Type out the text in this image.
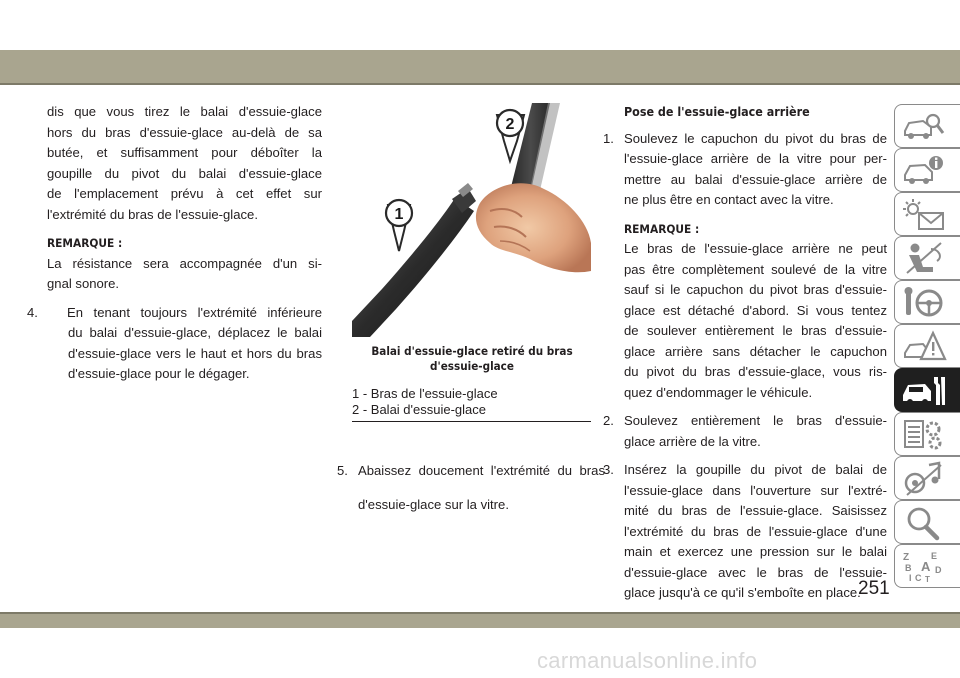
dis que vous tirez le balai d'essuie-glace

hors du bras d'essuie-glace au-delà de sa

butée, et suffisamment pour déboîter la

goupille du pivot du balai d'essuie-glace

de l'emplacement prévu à cet effet sur

l'extrémité du bras de l'essuie-glace.

REMARQUE :

La résistance sera accompagnée d'un si-

gnal sonore.

4. En tenant toujours l'extrémité inférieure

du balai d'essuie-glace, déplacez le balai

d'essuie-glace vers le haut et hors du bras

d'essuie-glace pour le dégager.

1
2
Balai d'essuie-glace retiré du bras
d'essuie-glace
1 - Bras de l'essuie-glace
2 - Balai d'essuie-glace
5. Abaissez doucement l'extrémité du bras

d'essuie-glace sur la vitre.

Pose de l'essuie-glace arrière

1. Soulevez le capuchon du pivot du bras de

l'essuie-glace arrière de la vitre pour per-

mettre au balai d'essuie-glace arrière de

ne plus être en contact avec la vitre.

REMARQUE :

Le bras de l'essuie-glace arrière ne peut

pas être complètement soulevé de la vitre

sauf si le capuchon du pivot bras d'essuie-

glace est détaché d'abord. Si vous tentez

de soulever entièrement le bras d'essuie-

glace arrière sans détacher le capuchon

du pivot du bras d'essuie-glace, vous ris-

quez d'endommager le véhicule.

2. Soulevez entièrement le bras d'essuie-

glace arrière de la vitre.

3. Insérez la goupille du pivot de balai de

l'essuie-glace dans l'ouverture sur l'extré-

mité du bras de l'essuie-glace. Saisissez

l'extrémité du bras de l'essuie-glace d'une

main et exercez une pression sur le balai

d'essuie-glace avec le bras de l'essuie-

glace jusqu'à ce qu'il s'emboîte en place.

Z E
B A
C
D
I T
251
carmanualsonline.info
